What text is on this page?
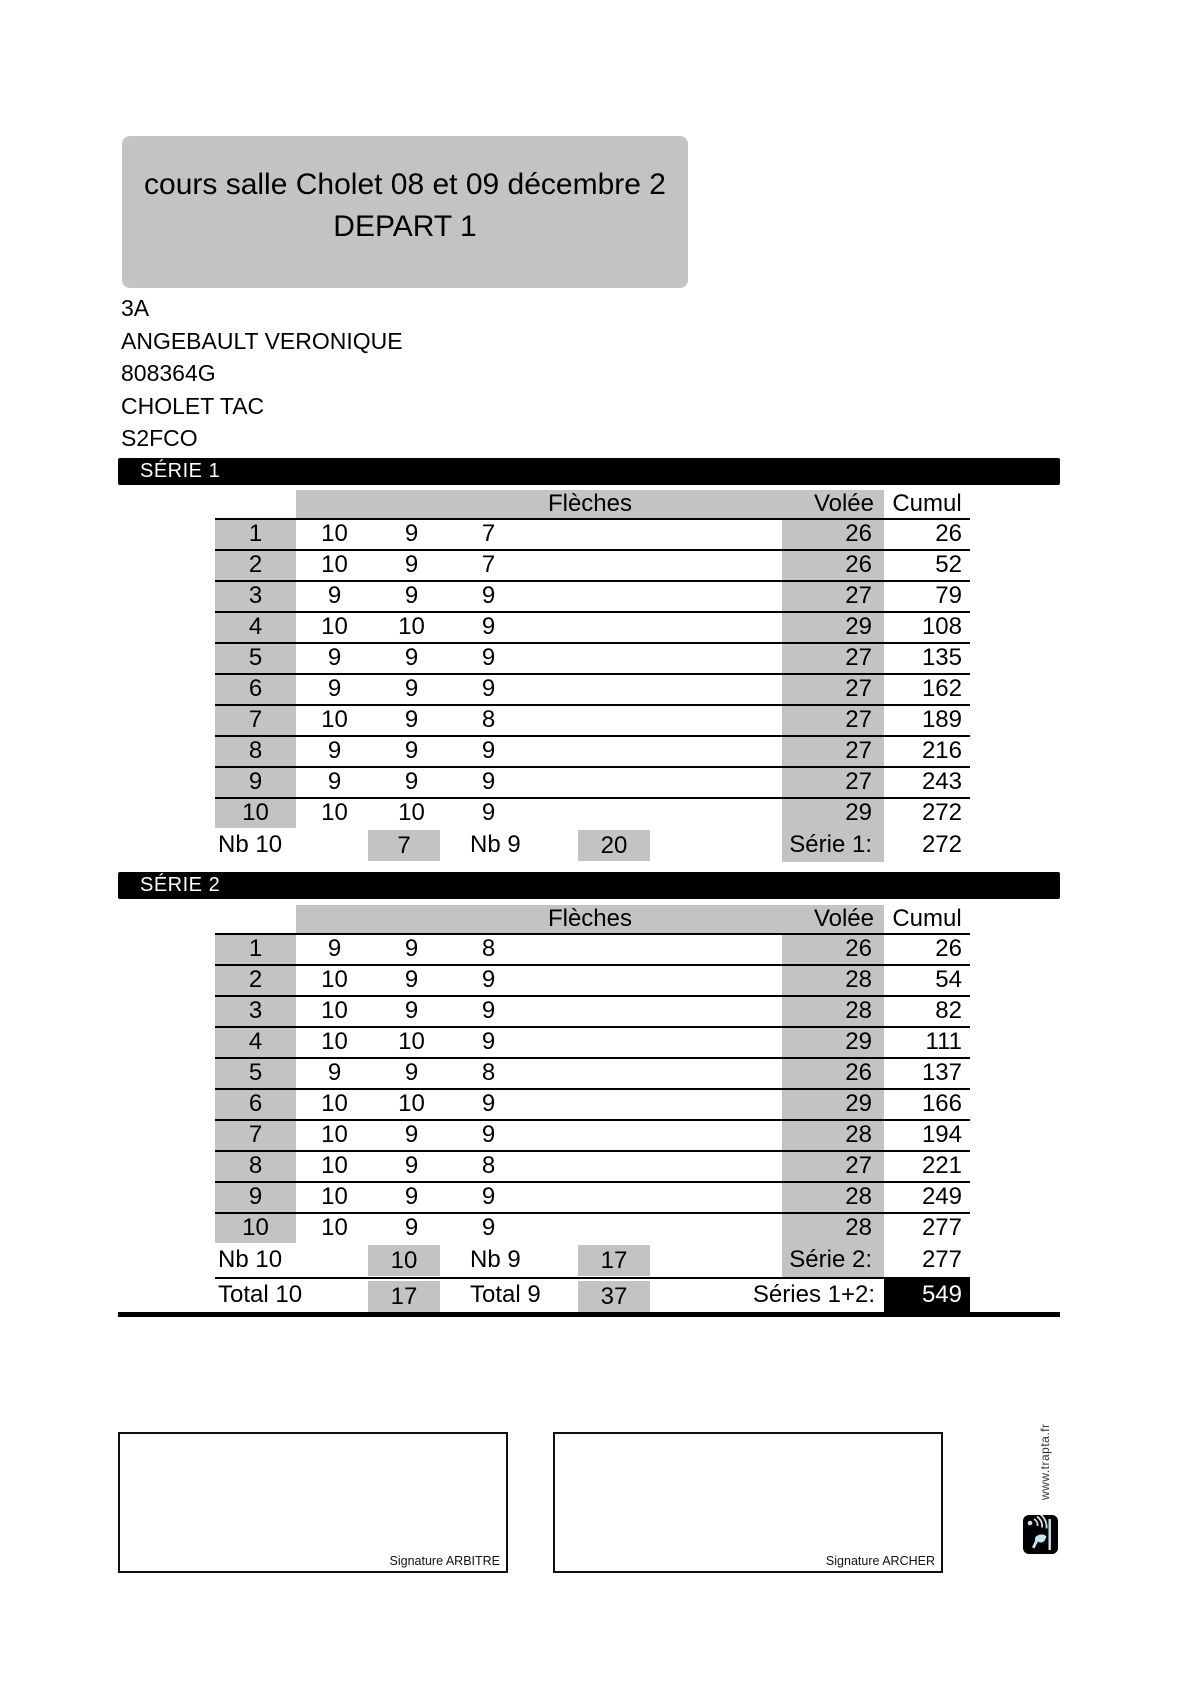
cours salle Cholet 08 et 09 décembre 2
DEPART 1
3A
ANGEBAULT VERONIQUE
808364G
CHOLET TAC
S2FCO
SÉRIE 1
Flèches	Volée Cumul
1	10	9	7	26	26
2	10	9	7	26	52
3	9	9	9	27	79
4	10	10	9	29	108
5	9	9	9	27	135
6	9	9	9	27	162
7	10	9	8	27	189
8	9	9	9	27	216
9	9	9	9	27	243
10	10	10	9	29	272
Nb 10	7	Nb 9	20	Série 1:	272
SÉRIE 2
Flèches	Volée Cumul
1	9	9	8	26	26
2	10	9	9	28	54
3	10	9	9	28	82
4	10	10	9	29	111
5	9	9	8	26	137
6	10	10	9	29	166
7	10	9	9	28	194
8	10	9	8	27	221
9	10	9	9	28	249
10	10	9	9	28	277
Nb 10	10	Nb 9	17	Série 2:	277
Total 10	17	Total 9	37	Séries 1+2:	549
Signature ARBITRE	Signature ARCHER
www.trapta.fr
